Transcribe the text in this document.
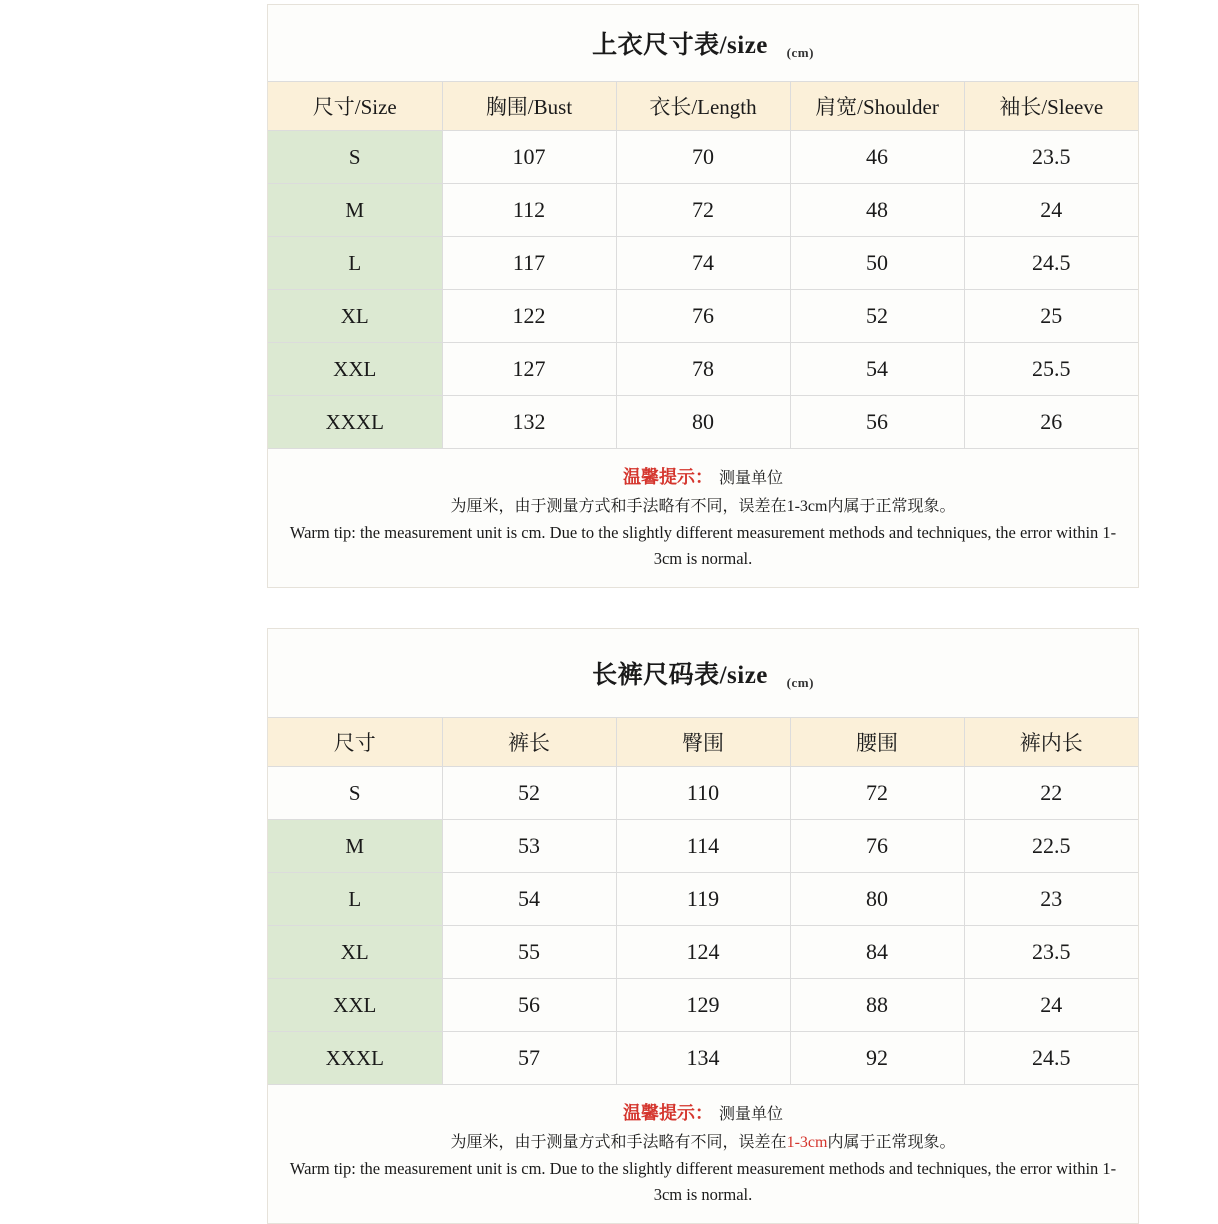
上衣尺寸表/size (cm)
尺寸/Size	胸围/Bust	衣长/Length	肩宽/Shoulder	袖长/Sleeve
S	107	70	46	23.5
M	112	72	48	24
L	117	74	50	24.5
XL	122	76	52	25
XXL	127	78	54	25.5
XXXL	132	80	56	26
温馨提示： 测量单位
为厘米，由于测量方式和手法略有不同，误差在1-3cm内属于正常现象。
Warm tip: the measurement unit is cm. Due to the slightly different measurement methods and techniques, the error within 1-3cm is normal.
长裤尺码表/size (cm)
尺寸	裤长	臀围	腰围	裤内长
S	52	110	72	22
M	53	114	76	22.5
L	54	119	80	23
XL	55	124	84	23.5
XXL	56	129	88	24
XXXL	57	134	92	24.5
温馨提示： 测量单位
为厘米，由于测量方式和手法略有不同，误差在1-3cm内属于正常现象。
Warm tip: the measurement unit is cm. Due to the slightly different measurement methods and techniques, the error within 1-3cm is normal.
